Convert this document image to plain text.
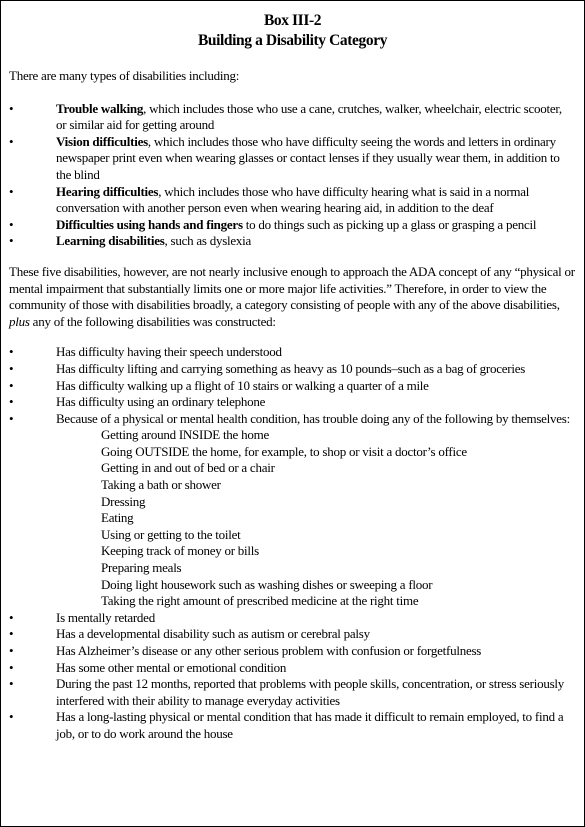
Box III-2
Building a Disability Category
There are many types of disabilities including:
•	Trouble walking, which includes those who use a cane, crutches, walker, wheelchair, electric scooter, or similar aid for getting around
•	Vision difficulties, which includes those who have difficulty seeing the words and letters in ordinary newspaper print even when wearing glasses or contact lenses if they usually wear them, in addition to the blind
•	Hearing difficulties, which includes those who have difficulty hearing what is said in a normal conversation with another person even when wearing hearing aid, in addition to the deaf
•	Difficulties using hands and fingers to do things such as picking up a glass or grasping a pencil
•	Learning disabilities, such as dyslexia
These five disabilities, however, are not nearly inclusive enough to approach the ADA concept of any “physical or mental impairment that substantially limits one or more major life activities.” Therefore, in order to view the community of those with disabilities broadly, a category consisting of people with any of the above disabilities, plus any of the following disabilities was constructed:
•	Has difficulty having their speech understood
•	Has difficulty lifting and carrying something as heavy as 10 pounds–such as a bag of groceries
•	Has difficulty walking up a flight of 10 stairs or walking a quarter of a mile
•	Has difficulty using an ordinary telephone
•	Because of a physical or mental health condition, has trouble doing any of the following by themselves:
Getting around INSIDE the home
Going OUTSIDE the home, for example, to shop or visit a doctor’s office
Getting in and out of bed or a chair
Taking a bath or shower
Dressing
Eating
Using or getting to the toilet
Keeping track of money or bills
Preparing meals
Doing light housework such as washing dishes or sweeping a floor
Taking the right amount of prescribed medicine at the right time
•	Is mentally retarded
•	Has a developmental disability such as autism or cerebral palsy
•	Has Alzheimer’s disease or any other serious problem with confusion or forgetfulness
•	Has some other mental or emotional condition
•	During the past 12 months, reported that problems with people skills, concentration, or stress seriously interfered with their ability to manage everyday activities
•	Has a long-lasting physical or mental condition that has made it difficult to remain employed, to find a job, or to do work around the house
